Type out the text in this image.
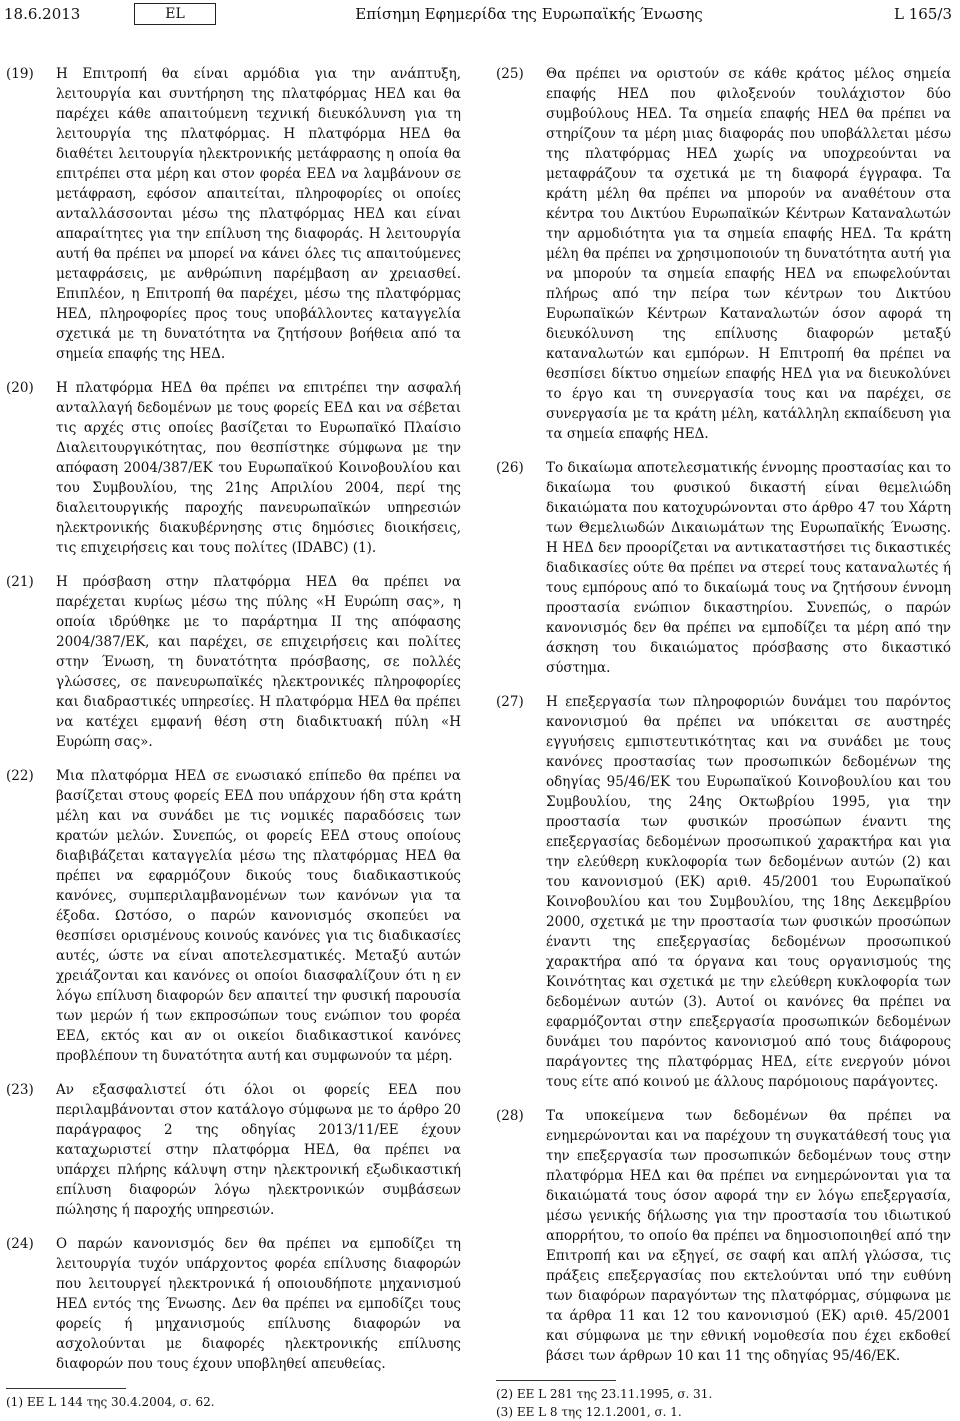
18.6.2013	EL	Επίσημη Εφημερίδα της Ευρωπαϊκής Ένωσης	L 165/3
(19)	Η Επιτροπή θα είναι αρμόδια για την ανάπτυξη, λειτουργία και συντήρηση της πλατφόρμας ΗΕΔ και θα παρέχει κάθε απαιτούμενη τεχνική διευκόλυνση για τη λειτουργία της πλατφόρμας. Η πλατφόρμα ΗΕΔ θα διαθέτει λειτουργία ηλεκτρονικής μετάφρασης η οποία θα επιτρέπει στα μέρη και στον φορέα ΕΕΔ να λαμβάνουν σε μετάφραση, εφόσον απαιτείται, πληροφορίες οι οποίες ανταλλάσσονται μέσω της πλατφόρμας ΗΕΔ και είναι απαραίτητες για την επίλυση της διαφοράς. Η λειτουργία αυτή θα πρέπει να μπορεί να κάνει όλες τις απαιτούμενες μεταφράσεις, με ανθρώπινη παρέμβαση αν χρειασθεί. Επιπλέον, η Επιτροπή θα παρέχει, μέσω της πλατφόρμας ΗΕΔ, πληροφορίες προς τους υποβάλλοντες καταγγελία σχετικά με τη δυνατότητα να ζητήσουν βοήθεια από τα σημεία επαφής της ΗΕΔ.
(20)	Η πλατφόρμα ΗΕΔ θα πρέπει να επιτρέπει την ασφαλή ανταλλαγή δεδομένων με τους φορείς ΕΕΔ και να σέβεται τις αρχές στις οποίες βασίζεται το Ευρωπαϊκό Πλαίσιο Διαλειτουργικότητας, που θεσπίστηκε σύμφωνα με την απόφαση 2004/387/ΕΚ του Ευρωπαϊκού Κοινοβουλίου και του Συμβουλίου, της 21ης Απριλίου 2004, περί της διαλειτουργικής παροχής πανευρωπαϊκών υπηρεσιών ηλεκτρονικής διακυβέρνησης στις δημόσιες διοικήσεις, τις επιχειρήσεις και τους πολίτες (IDABC) (1).
(21)	Η πρόσβαση στην πλατφόρμα ΗΕΔ θα πρέπει να παρέχεται κυρίως μέσω της πύλης «Η Ευρώπη σας», η οποία ιδρύθηκε με το παράρτημα II της απόφασης 2004/387/ΕΚ, και παρέχει, σε επιχειρήσεις και πολίτες στην Ένωση, τη δυνατότητα πρόσβασης, σε πολλές γλώσσες, σε πανευρωπαϊκές ηλεκτρονικές πληροφορίες και διαδραστικές υπηρεσίες. Η πλατφόρμα ΗΕΔ θα πρέπει να κατέχει εμφανή θέση στη διαδικτυακή πύλη «Η Ευρώπη σας».
(22)	Μια πλατφόρμα ΗΕΔ σε ενωσιακό επίπεδο θα πρέπει να βασίζεται στους φορείς ΕΕΔ που υπάρχουν ήδη στα κράτη μέλη και να συνάδει με τις νομικές παραδόσεις των κρατών μελών. Συνεπώς, οι φορείς ΕΕΔ στους οποίους διαβιβάζεται καταγγελία μέσω της πλατφόρμας ΗΕΔ θα πρέπει να εφαρμόζουν δικούς τους διαδικαστικούς κανόνες, συμπεριλαμβανομένων των κανόνων για τα έξοδα. Ωστόσο, ο παρών κανονισμός σκοπεύει να θεσπίσει ορισμένους κοινούς κανόνες για τις διαδικασίες αυτές, ώστε να είναι αποτελεσματικές. Μεταξύ αυτών χρειάζονται και κανόνες οι οποίοι διασφαλίζουν ότι η εν λόγω επίλυση διαφορών δεν απαιτεί την φυσική παρουσία των μερών ή των εκπροσώπων τους ενώπιον του φορέα ΕΕΔ, εκτός και αν οι οικείοι διαδικαστικοί κανόνες προβλέπουν τη δυνατότητα αυτή και συμφωνούν τα μέρη.
(23)	Αν εξασφαλιστεί ότι όλοι οι φορείς ΕΕΔ που περιλαμβάνονται στον κατάλογο σύμφωνα με το άρθρο 20 παράγραφος 2 της οδηγίας 2013/11/ΕΕ έχουν καταχωριστεί στην πλατφόρμα ΗΕΔ, θα πρέπει να υπάρχει πλήρης κάλυψη στην ηλεκτρονική εξωδικαστική επίλυση διαφορών λόγω ηλεκτρονικών συμβάσεων πώλησης ή παροχής υπηρεσιών.
(24)	Ο παρών κανονισμός δεν θα πρέπει να εμποδίζει τη λειτουργία τυχόν υπάρχοντος φορέα επίλυσης διαφορών που λειτουργεί ηλεκτρονικά ή οποιουδήποτε μηχανισμού ΗΕΔ εντός της Ένωσης. Δεν θα πρέπει να εμποδίζει τους φορείς ή μηχανισμούς επίλυσης διαφορών να ασχολούνται με διαφορές ηλεκτρονικής επίλυσης διαφορών που τους έχουν υποβληθεί απευθείας.
(1) ΕΕ L 144 της 30.4.2004, σ. 62.
(25)	Θα πρέπει να οριστούν σε κάθε κράτος μέλος σημεία επαφής ΗΕΔ που φιλοξενούν τουλάχιστον δύο συμβούλους ΗΕΔ. Τα σημεία επαφής ΗΕΔ θα πρέπει να στηρίζουν τα μέρη μιας διαφοράς που υποβάλλεται μέσω της πλατφόρμας ΗΕΔ χωρίς να υποχρεούνται να μεταφράζουν τα σχετικά με τη διαφορά έγγραφα. Τα κράτη μέλη θα πρέπει να μπορούν να αναθέτουν στα κέντρα του Δικτύου Ευρωπαϊκών Κέντρων Καταναλωτών την αρμοδιότητα για τα σημεία επαφής ΗΕΔ. Τα κράτη μέλη θα πρέπει να χρησιμοποιούν τη δυνατότητα αυτή για να μπορούν τα σημεία επαφής ΗΕΔ να επωφελούνται πλήρως από την πείρα των κέντρων του Δικτύου Ευρωπαϊκών Κέντρων Καταναλωτών όσον αφορά τη διευκόλυνση της επίλυσης διαφορών μεταξύ καταναλωτών και εμπόρων. Η Επιτροπή θα πρέπει να θεσπίσει δίκτυο σημείων επαφής ΗΕΔ για να διευκολύνει το έργο και τη συνεργασία τους και να παρέχει, σε συνεργασία με τα κράτη μέλη, κατάλληλη εκπαίδευση για τα σημεία επαφής ΗΕΔ.
(26)	Το δικαίωμα αποτελεσματικής έννομης προστασίας και το δικαίωμα του φυσικού δικαστή είναι θεμελιώδη δικαιώματα που κατοχυρώνονται στο άρθρο 47 του Χάρτη των Θεμελιωδών Δικαιωμάτων της Ευρωπαϊκής Ένωσης. Η ΗΕΔ δεν προορίζεται να αντικαταστήσει τις δικαστικές διαδικασίες ούτε θα πρέπει να στερεί τους καταναλωτές ή τους εμπόρους από το δικαίωμά τους να ζητήσουν έννομη προστασία ενώπιον δικαστηρίου. Συνεπώς, ο παρών κανονισμός δεν θα πρέπει να εμποδίζει τα μέρη από την άσκηση του δικαιώματος πρόσβασης στο δικαστικό σύστημα.
(27)	Η επεξεργασία των πληροφοριών δυνάμει του παρόντος κανονισμού θα πρέπει να υπόκειται σε αυστηρές εγγυήσεις εμπιστευτικότητας και να συνάδει με τους κανόνες προστασίας των προσωπικών δεδομένων της οδηγίας 95/46/ΕΚ του Ευρωπαϊκού Κοινοβουλίου και του Συμβουλίου, της 24ης Οκτωβρίου 1995, για την προστασία των φυσικών προσώπων έναντι της επεξεργασίας δεδομένων προσωπικού χαρακτήρα και για την ελεύθερη κυκλοφορία των δεδομένων αυτών (2) και του κανονισμού (ΕΚ) αριθ. 45/2001 του Ευρωπαϊκού Κοινοβουλίου και του Συμβουλίου, της 18ης Δεκεμβρίου 2000, σχετικά με την προστασία των φυσικών προσώπων έναντι της επεξεργασίας δεδομένων προσωπικού χαρακτήρα από τα όργανα και τους οργανισμούς της Κοινότητας και σχετικά με την ελεύθερη κυκλοφορία των δεδομένων αυτών (3). Αυτοί οι κανόνες θα πρέπει να εφαρμόζονται στην επεξεργασία προσωπικών δεδομένων δυνάμει του παρόντος κανονισμού από τους διάφορους παράγοντες της πλατφόρμας ΗΕΔ, είτε ενεργούν μόνοι τους είτε από κοινού με άλλους παρόμοιους παράγοντες.
(28)	Τα υποκείμενα των δεδομένων θα πρέπει να ενημερώνονται και να παρέχουν τη συγκατάθεσή τους για την επεξεργασία των προσωπικών δεδομένων τους στην πλατφόρμα ΗΕΔ και θα πρέπει να ενημερώνονται για τα δικαιώματά τους όσον αφορά την εν λόγω επεξεργασία, μέσω γενικής δήλωσης για την προστασία του ιδιωτικού απορρήτου, το οποίο θα πρέπει να δημοσιοποιηθεί από την Επιτροπή και να εξηγεί, σε σαφή και απλή γλώσσα, τις πράξεις επεξεργασίας που εκτελούνται υπό την ευθύνη των διαφόρων παραγόντων της πλατφόρμας, σύμφωνα με τα άρθρα 11 και 12 του κανονισμού (ΕΚ) αριθ. 45/2001 και σύμφωνα με την εθνική νομοθεσία που έχει εκδοθεί βάσει των άρθρων 10 και 11 της οδηγίας 95/46/ΕΚ.
(2) ΕΕ L 281 της 23.11.1995, σ. 31.
(3) ΕΕ L 8 της 12.1.2001, σ. 1.
